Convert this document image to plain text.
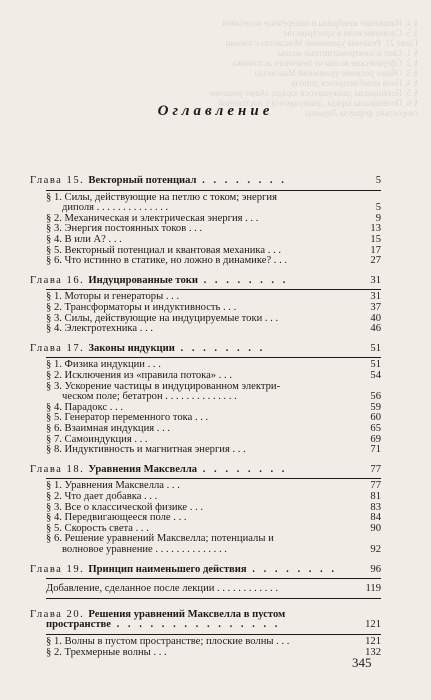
§ 4. Натяжение мембраны и поперечные колебания
§ 5. Сложение волн в пространстве
Глава 21. Решения уравнений Максвелла с токами
§ 1. Свет и электромагнитные волны
§ 2. Сферические волны от точечного источника
§ 3. Общее решение уравнений Максвелла
§ 4. Поля колеблющегося диполя
§ 5. Потенциалы движущегося заряда; общее решение
§ 6. Потенциалы заряда, движущегося с постоянной
скоростью; формула Лоренца
Оглавление
Глава 15. Векторный потенциал . . . . . . . .	5
§ 1. Силы, действующие на петлю с током; энергия
диполя . . . . . . . . . . . . . .	5
§ 2. Механическая и электрическая энергия . . .	9
§ 3. Энергия постоянных токов . . .	13
§ 4. B или A? . . .	15
§ 5. Векторный потенциал и квантовая механика . . .	17
§ 6. Что истинно в статике, но ложно в динамике? . . .	27
Глава 16. Индуцированные токи . . . . . . . .	31
§ 1. Моторы и генераторы . . .	31
§ 2. Трансформаторы и индуктивность . . .	37
§ 3. Силы, действующие на индуцируемые токи . . .	40
§ 4. Электротехника . . .	46
Глава 17. Законы индукции . . . . . . . .	51
§ 1. Физика индукции . . .	51
§ 2. Исключения из «правила потока» . . .	54
§ 3. Ускорение частицы в индуцированном электри-
ческом поле; бетатрон . . . . . . . . . . . . . .	56
§ 4. Парадокс . . .	59
§ 5. Генератор переменного тока . . .	60
§ 6. Взаимная индукция . . .	65
§ 7. Самоиндукция . . .	69
§ 8. Индуктивность и магнитная энергия . . .	71
Глава 18. Уравнения Максвелла . . . . . . . .	77
§ 1. Уравнения Максвелла . . .	77
§ 2. Что дает добавка . . .	81
§ 3. Все о классической физике . . .	83
§ 4. Передвигающееся поле . . .	84
§ 5. Скорость света . . .	90
§ 6. Решение уравнений Максвелла; потенциалы и
волновое уравнение . . . . . . . . . . . . . .	92
Глава 19. Принцип наименьшего действия . . . . . . . .	96
Добавление, сделанное после лекции . . . . . . . . . . . .	119
Глава 20. Решения уравнений Максвелла в пустом
пространстве . . . . . . . . . . . . . . .	121
§ 1. Волны в пустом пространстве; плоские волны . . .	121
§ 2. Трехмерные волны . . .	132
345
